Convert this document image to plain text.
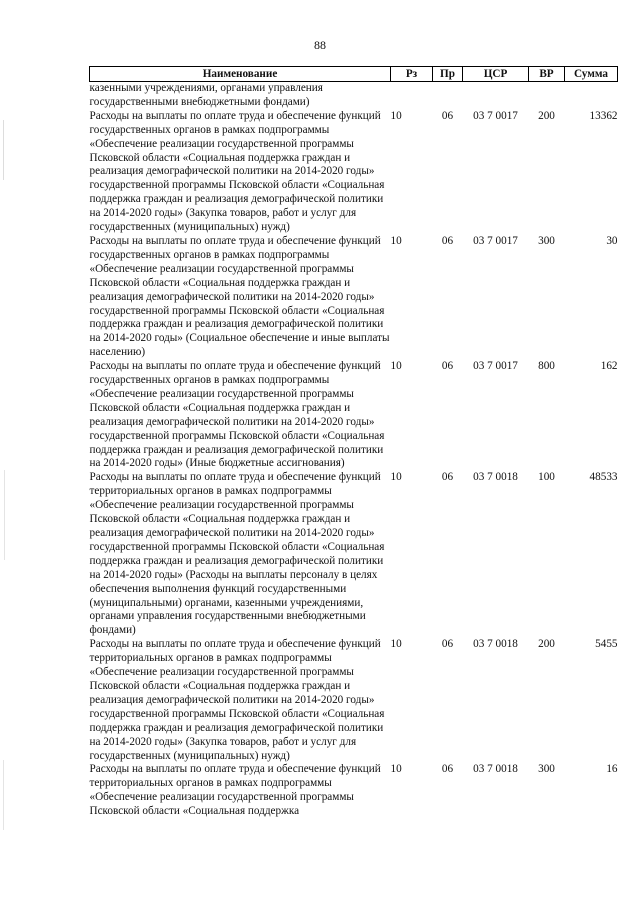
88
Наименование	Рз	Пр	ЦСР	ВР	Сумма
казенными учреждениями, органами управления государственными внебюджетными фондами)					
Расходы на выплаты по оплате труда и обеспечение функций государственных органов в рамках подпрограммы «Обеспечение реализации государственной программы Псковской области «Социальная поддержка граждан и реализация демографической политики на 2014-2020 годы» государственной программы Псковской области «Социальная поддержка граждан и реализация демографической политики на 2014-2020 годы» (Закупка товаров, работ и услуг для государственных (муниципальных) нужд)	10	06	03 7 0017	200	13362
Расходы на выплаты по оплате труда и обеспечение функций государственных органов в рамках подпрограммы «Обеспечение реализации государственной программы Псковской области «Социальная поддержка граждан и реализация демографической политики на 2014-2020 годы» государственной программы Псковской области «Социальная поддержка граждан и реализация демографической политики на 2014-2020 годы» (Социальное обеспечение и иные выплаты населению)	10	06	03 7 0017	300	30
Расходы на выплаты по оплате труда и обеспечение функций государственных органов в рамках подпрограммы «Обеспечение реализации государственной программы Псковской области «Социальная поддержка граждан и реализация демографической политики на 2014-2020 годы» государственной программы Псковской области «Социальная поддержка граждан и реализация демографической политики на 2014-2020 годы» (Иные бюджетные ассигнования)	10	06	03 7 0017	800	162
Расходы на выплаты по оплате труда и обеспечение функций территориальных органов в рамках подпрограммы «Обеспечение реализации государственной программы Псковской области «Социальная поддержка граждан и реализация демографической политики на 2014-2020 годы» государственной программы Псковской области «Социальная поддержка граждан и реализация демографической политики на 2014-2020 годы» (Расходы на выплаты персоналу в целях обеспечения выполнения функций государственными (муниципальными) органами, казенными учреждениями, органами управления государственными внебюджетными фондами)	10	06	03 7 0018	100	48533
Расходы на выплаты по оплате труда и обеспечение функций территориальных органов в рамках подпрограммы «Обеспечение реализации государственной программы Псковской области «Социальная поддержка граждан и реализация демографической политики на 2014-2020 годы» государственной программы Псковской области «Социальная поддержка граждан и реализация демографической политики на 2014-2020 годы» (Закупка товаров, работ и услуг для государственных (муниципальных) нужд)	10	06	03 7 0018	200	5455
Расходы на выплаты по оплате труда и обеспечение функций территориальных органов в рамках подпрограммы «Обеспечение реализации государственной программы Псковской области «Социальная поддержка	10	06	03 7 0018	300	16
